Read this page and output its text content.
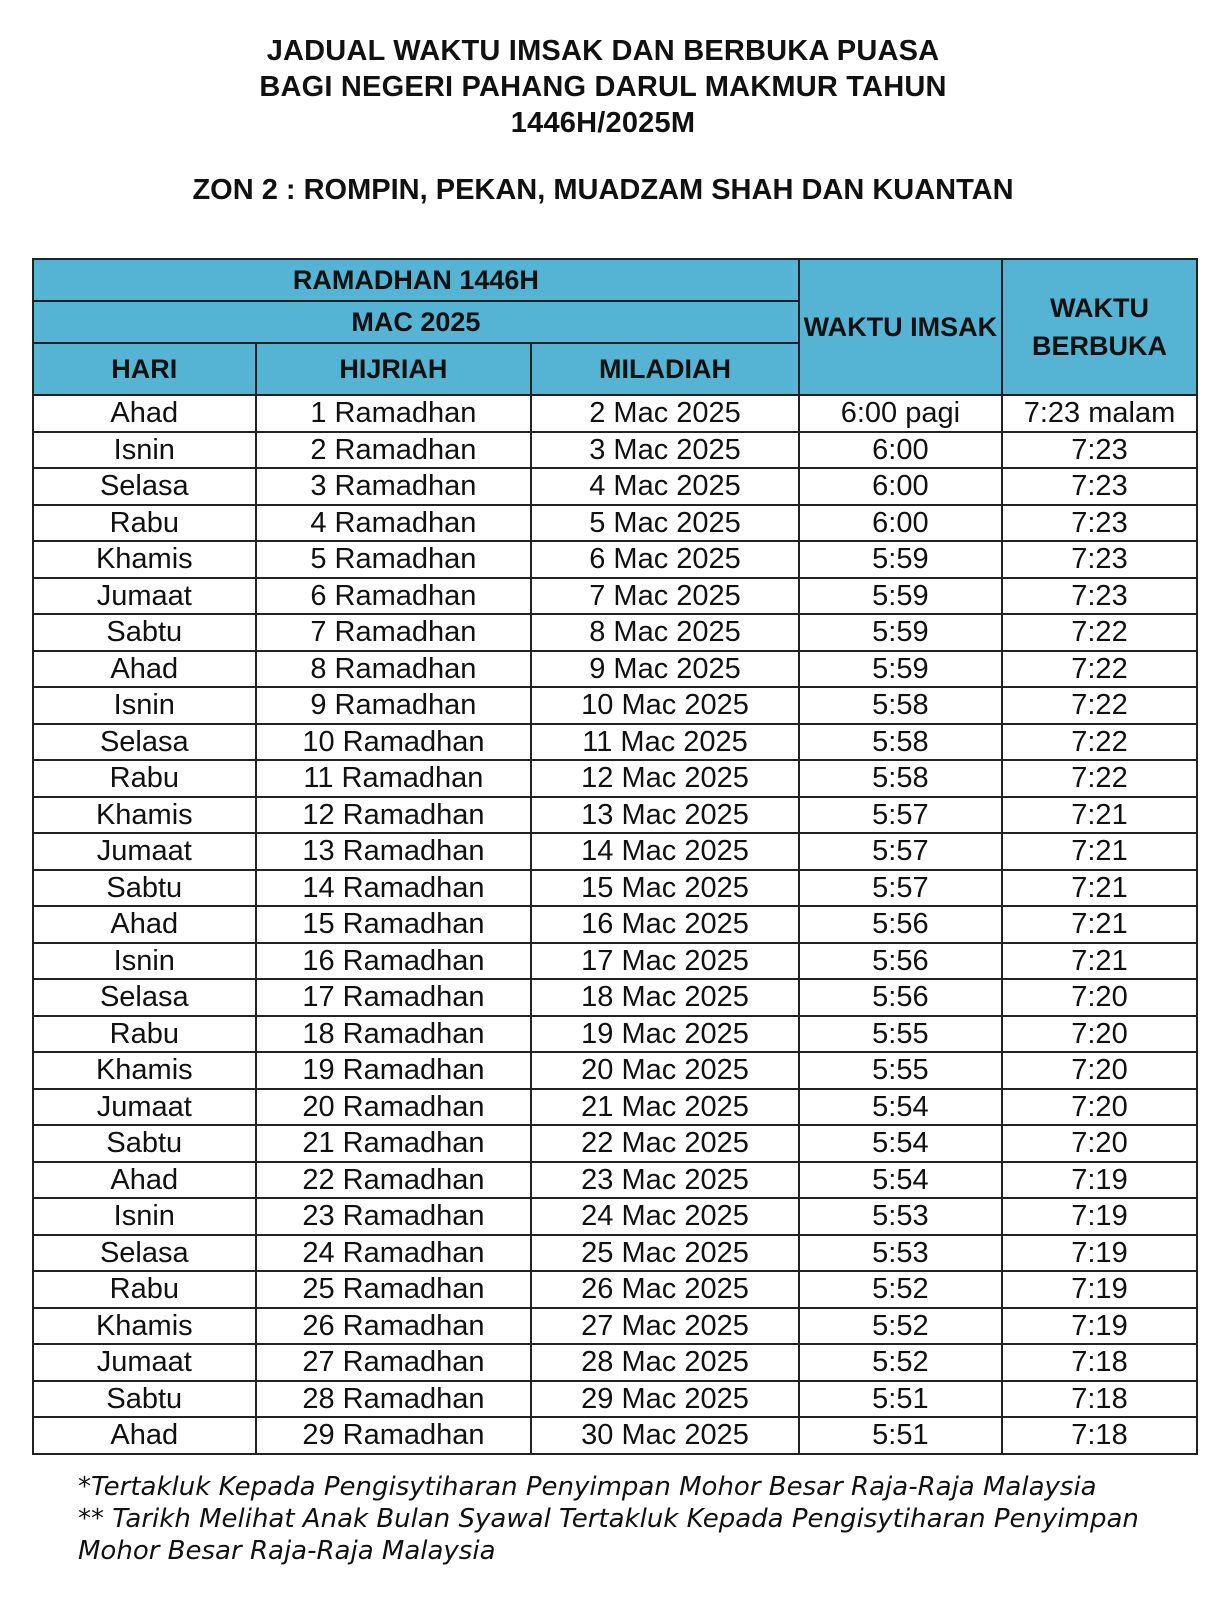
JADUAL WAKTU IMSAK DAN BERBUKA PUASA
BAGI NEGERI PAHANG DARUL MAKMUR TAHUN
1446H/2025M
ZON 2 : ROMPIN, PEKAN, MUADZAM SHAH DAN KUANTAN
RAMADHAN 1446H			WAKTU IMSAK	WAKTU BERBUKA
MAC 2025				
HARI	HIJRIAH	MILADIAH		
Ahad	1 Ramadhan	2 Mac 2025	6:00 pagi	7:23 malam
Isnin	2 Ramadhan	3 Mac 2025	6:00	7:23
Selasa	3 Ramadhan	4 Mac 2025	6:00	7:23
Rabu	4 Ramadhan	5 Mac 2025	6:00	7:23
Khamis	5 Ramadhan	6 Mac 2025	5:59	7:23
Jumaat	6 Ramadhan	7 Mac 2025	5:59	7:23
Sabtu	7 Ramadhan	8 Mac 2025	5:59	7:22
Ahad	8 Ramadhan	9 Mac 2025	5:59	7:22
Isnin	9 Ramadhan	10 Mac 2025	5:58	7:22
Selasa	10 Ramadhan	11 Mac 2025	5:58	7:22
Rabu	11 Ramadhan	12 Mac 2025	5:58	7:22
Khamis	12 Ramadhan	13 Mac 2025	5:57	7:21
Jumaat	13 Ramadhan	14 Mac 2025	5:57	7:21
Sabtu	14 Ramadhan	15 Mac 2025	5:57	7:21
Ahad	15 Ramadhan	16 Mac 2025	5:56	7:21
Isnin	16 Ramadhan	17 Mac 2025	5:56	7:21
Selasa	17 Ramadhan	18 Mac 2025	5:56	7:20
Rabu	18 Ramadhan	19 Mac 2025	5:55	7:20
Khamis	19 Ramadhan	20 Mac 2025	5:55	7:20
Jumaat	20 Ramadhan	21 Mac 2025	5:54	7:20
Sabtu	21 Ramadhan	22 Mac 2025	5:54	7:20
Ahad	22 Ramadhan	23 Mac 2025	5:54	7:19
Isnin	23 Ramadhan	24 Mac 2025	5:53	7:19
Selasa	24 Ramadhan	25 Mac 2025	5:53	7:19
Rabu	25 Ramadhan	26 Mac 2025	5:52	7:19
Khamis	26 Ramadhan	27 Mac 2025	5:52	7:19
Jumaat	27 Ramadhan	28 Mac 2025	5:52	7:18
Sabtu	28 Ramadhan	29 Mac 2025	5:51	7:18
Ahad	29 Ramadhan	30 Mac 2025	5:51	7:18
*Tertakluk Kepada Pengisytiharan Penyimpan Mohor Besar Raja-Raja Malaysia
** Tarikh Melihat Anak Bulan Syawal Tertakluk Kepada Pengisytiharan Penyimpan
Mohor Besar Raja-Raja Malaysia
